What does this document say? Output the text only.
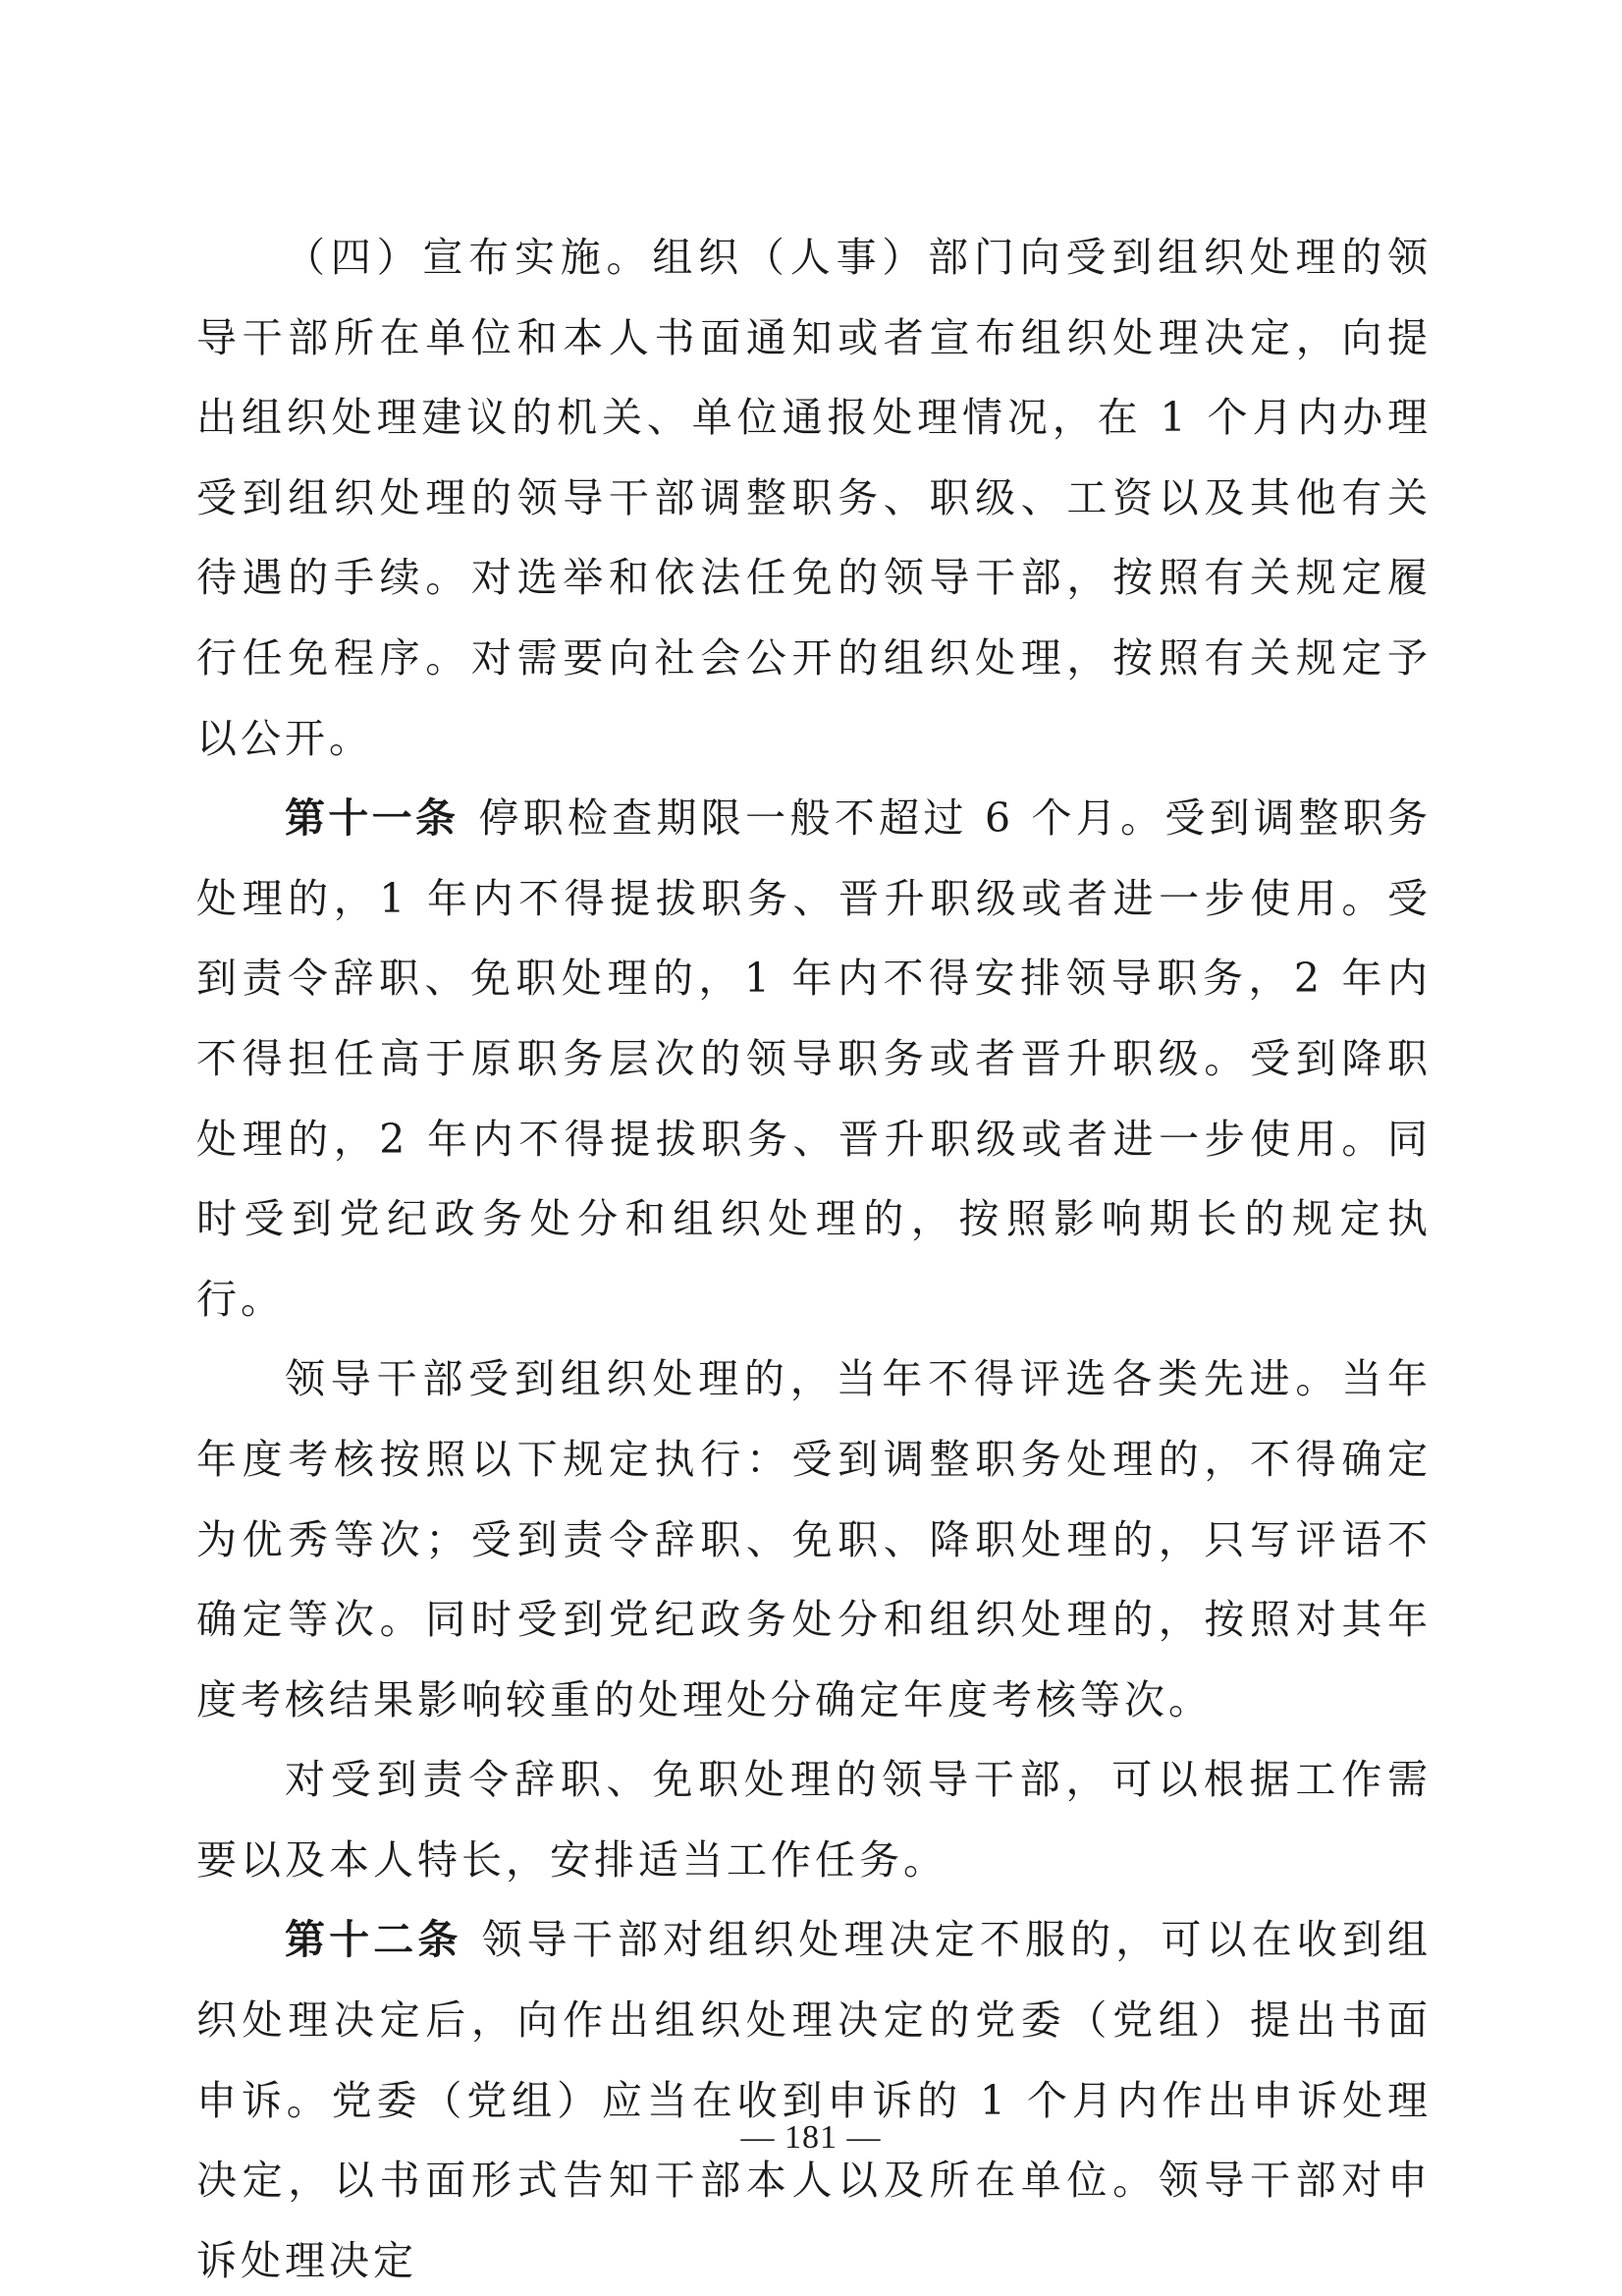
（四）宣布实施。组织（人事）部门向受到组织处理的领导干部所在单位和本人书面通知或者宣布组织处理决定，向提出组织处理建议的机关、单位通报处理情况，在 1 个月内办理受到组织处理的领导干部调整职务、职级、工资以及其他有关待遇的手续。对选举和依法任免的领导干部，按照有关规定履行任免程序。对需要向社会公开的组织处理，按照有关规定予以公开。

第十一条 停职检查期限一般不超过 6 个月。受到调整职务处理的，1 年内不得提拔职务、晋升职级或者进一步使用。受到责令辞职、免职处理的，1 年内不得安排领导职务，2 年内不得担任高于原职务层次的领导职务或者晋升职级。受到降职处理的，2 年内不得提拔职务、晋升职级或者进一步使用。同时受到党纪政务处分和组织处理的，按照影响期长的规定执行。

领导干部受到组织处理的，当年不得评选各类先进。当年年度考核按照以下规定执行：受到调整职务处理的，不得确定为优秀等次；受到责令辞职、免职、降职处理的，只写评语不确定等次。同时受到党纪政务处分和组织处理的，按照对其年度考核结果影响较重的处理处分确定年度考核等次。

对受到责令辞职、免职处理的领导干部，可以根据工作需要以及本人特长，安排适当工作任务。

第十二条 领导干部对组织处理决定不服的，可以在收到组织处理决定后，向作出组织处理决定的党委（党组）提出书面申诉。党委（党组）应当在收到申诉的 1 个月内作出申诉处理决定，以书面形式告知干部本人以及所在单位。领导干部对申诉处理决定

— 181 —
